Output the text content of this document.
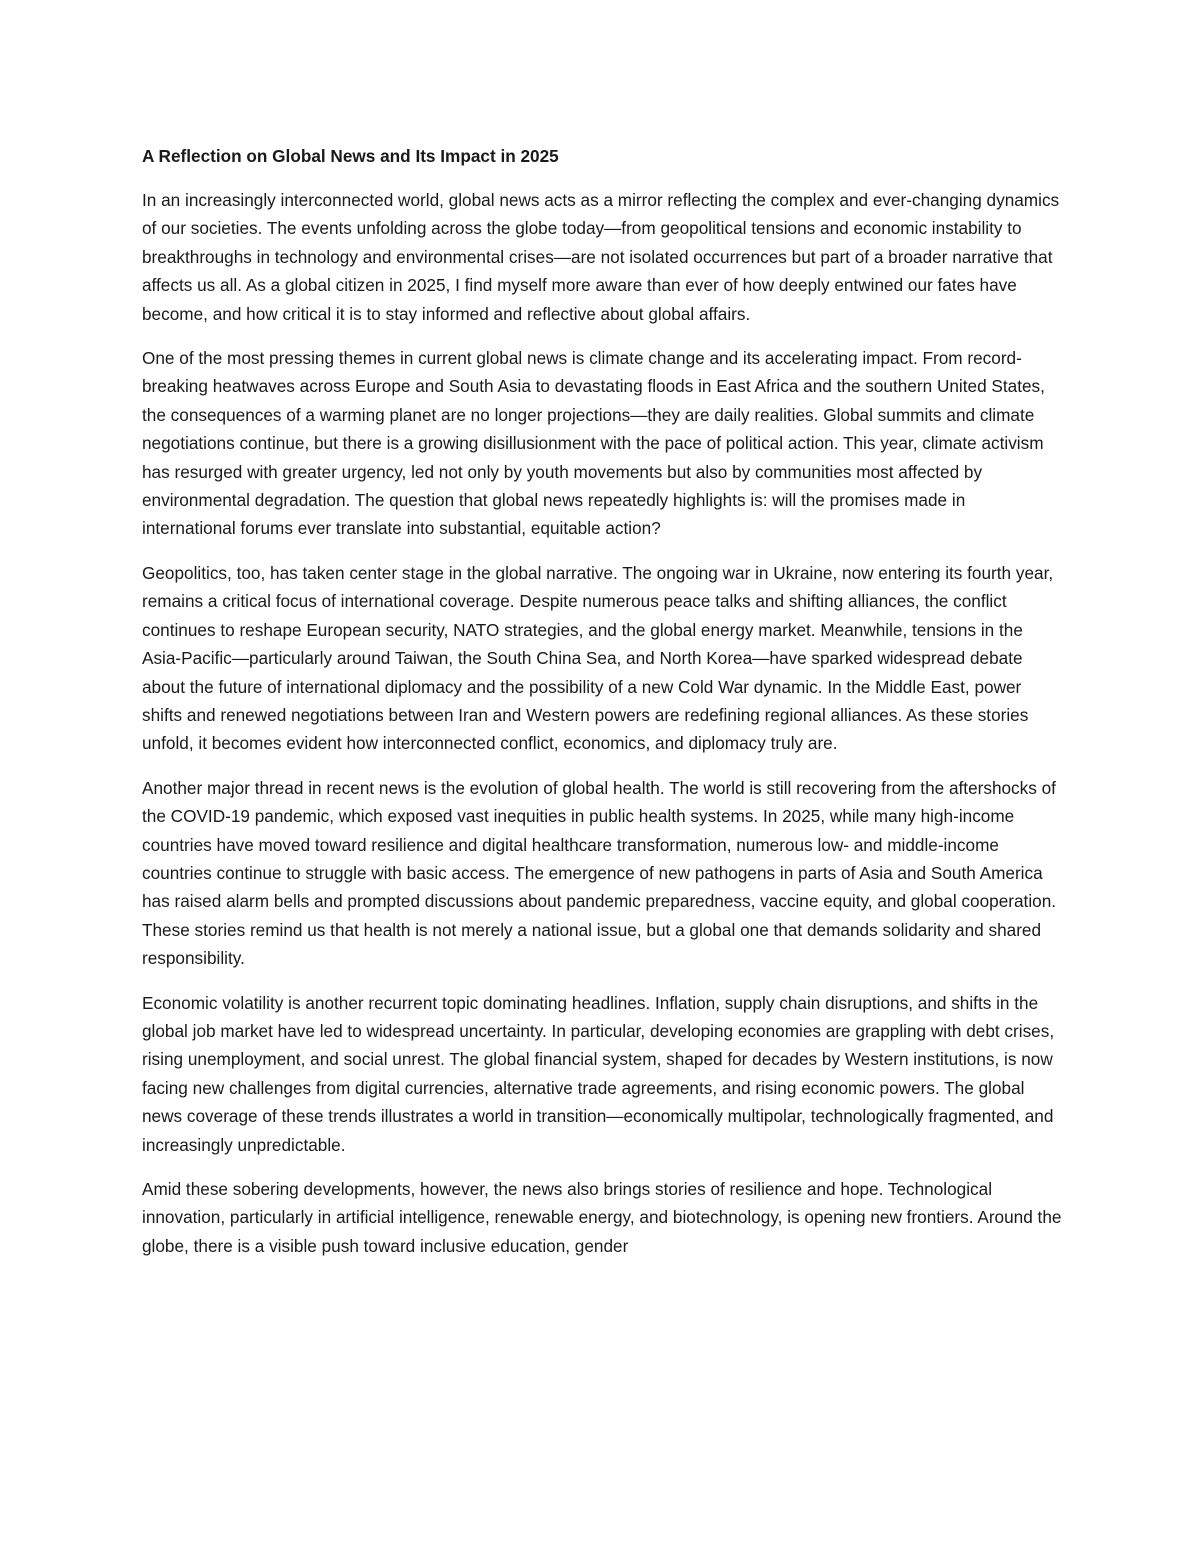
A Reflection on Global News and Its Impact in 2025

In an increasingly interconnected world, global news acts as a mirror reflecting the complex and ever-changing dynamics of our societies. The events unfolding across the globe today—from geopolitical tensions and economic instability to breakthroughs in technology and environmental crises—are not isolated occurrences but part of a broader narrative that affects us all. As a global citizen in 2025, I find myself more aware than ever of how deeply entwined our fates have become, and how critical it is to stay informed and reflective about global affairs.

One of the most pressing themes in current global news is climate change and its accelerating impact. From record-breaking heatwaves across Europe and South Asia to devastating floods in East Africa and the southern United States, the consequences of a warming planet are no longer projections—they are daily realities. Global summits and climate negotiations continue, but there is a growing disillusionment with the pace of political action. This year, climate activism has resurged with greater urgency, led not only by youth movements but also by communities most affected by environmental degradation. The question that global news repeatedly highlights is: will the promises made in international forums ever translate into substantial, equitable action?

Geopolitics, too, has taken center stage in the global narrative. The ongoing war in Ukraine, now entering its fourth year, remains a critical focus of international coverage. Despite numerous peace talks and shifting alliances, the conflict continues to reshape European security, NATO strategies, and the global energy market. Meanwhile, tensions in the Asia-Pacific—particularly around Taiwan, the South China Sea, and North Korea—have sparked widespread debate about the future of international diplomacy and the possibility of a new Cold War dynamic. In the Middle East, power shifts and renewed negotiations between Iran and Western powers are redefining regional alliances. As these stories unfold, it becomes evident how interconnected conflict, economics, and diplomacy truly are.

Another major thread in recent news is the evolution of global health. The world is still recovering from the aftershocks of the COVID-19 pandemic, which exposed vast inequities in public health systems. In 2025, while many high-income countries have moved toward resilience and digital healthcare transformation, numerous low- and middle-income countries continue to struggle with basic access. The emergence of new pathogens in parts of Asia and South America has raised alarm bells and prompted discussions about pandemic preparedness, vaccine equity, and global cooperation. These stories remind us that health is not merely a national issue, but a global one that demands solidarity and shared responsibility.

Economic volatility is another recurrent topic dominating headlines. Inflation, supply chain disruptions, and shifts in the global job market have led to widespread uncertainty. In particular, developing economies are grappling with debt crises, rising unemployment, and social unrest. The global financial system, shaped for decades by Western institutions, is now facing new challenges from digital currencies, alternative trade agreements, and rising economic powers. The global news coverage of these trends illustrates a world in transition—economically multipolar, technologically fragmented, and increasingly unpredictable.

Amid these sobering developments, however, the news also brings stories of resilience and hope. Technological innovation, particularly in artificial intelligence, renewable energy, and biotechnology, is opening new frontiers. Around the globe, there is a visible push toward inclusive education, gender
